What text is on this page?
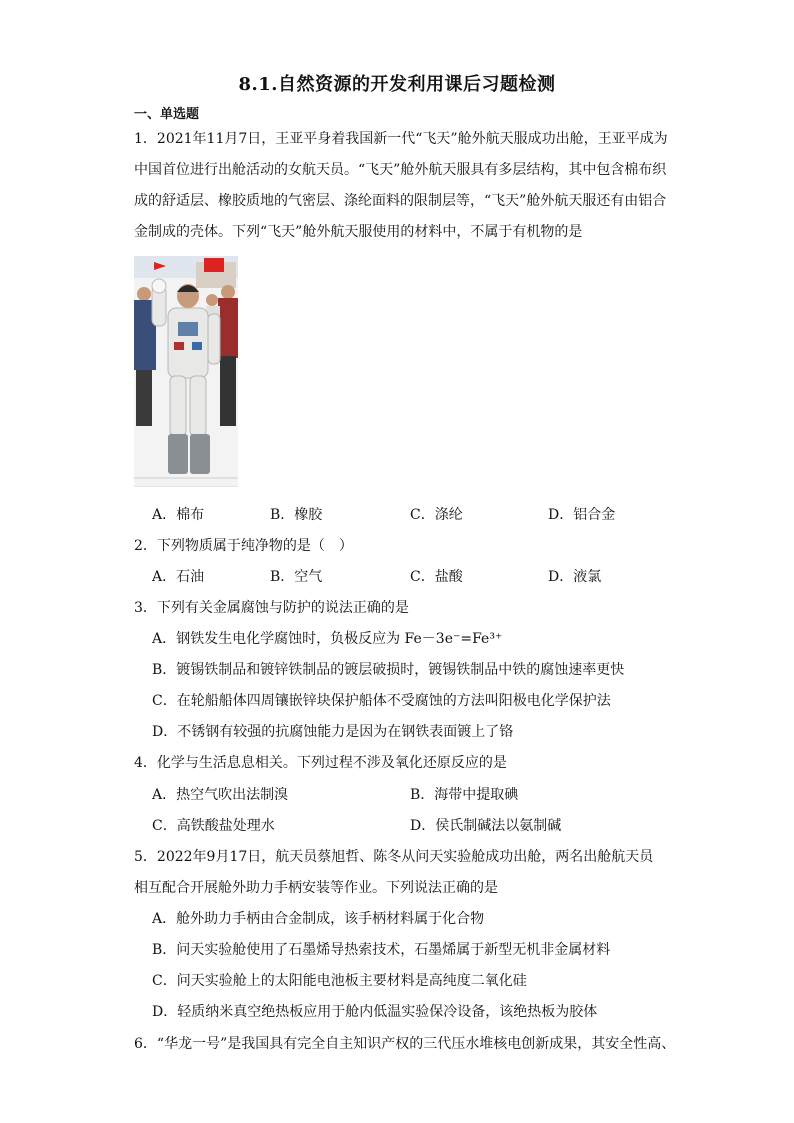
8.1.自然资源的开发利用课后习题检测
一、单选题
1．2021年11月7日，王亚平身着我国新一代“飞天”舱外航天服成功出舱，王亚平成为
中国首位进行出舱活动的女航天员。“飞天”舱外航天服具有多层结构，其中包含棉布织
成的舒适层、橡胶质地的气密层、涤纶面料的限制层等，“飞天”舱外航天服还有由铝合
金制成的壳体。下列“飞天”舱外航天服使用的材料中，不属于有机物的是
A．棉布	B．橡胶	C．涤纶	D．铝合金
2．下列物质属于纯净物的是（　）
A．石油	B．空气	C．盐酸	D．液氯
3．下列有关金属腐蚀与防护的说法正确的是
A．钢铁发生电化学腐蚀时，负极反应为 Fe－3e⁻=Fe³⁺
B．镀锡铁制品和镀锌铁制品的镀层破损时，镀锡铁制品中铁的腐蚀速率更快
C．在轮船船体四周镶嵌锌块保护船体不受腐蚀的方法叫阳极电化学保护法
D．不锈钢有较强的抗腐蚀能力是因为在钢铁表面镀上了铬
4．化学与生活息息相关。下列过程不涉及氧化还原反应的是
A．热空气吹出法制溴	B．海带中提取碘
C．高铁酸盐处理水	D．侯氏制碱法以氨制碱
5．2022年9月17日，航天员蔡旭哲、陈冬从问天实验舱成功出舱，两名出舱航天员
相互配合开展舱外助力手柄安装等作业。下列说法正确的是
A．舱外助力手柄由合金制成，该手柄材料属于化合物
B．问天实验舱使用了石墨烯导热索技术，石墨烯属于新型无机非金属材料
C．问天实验舱上的太阳能电池板主要材料是高纯度二氧化硅
D．轻质纳米真空绝热板应用于舱内低温实验保冷设备，该绝热板为胶体
6．“华龙一号”是我国具有完全自主知识产权的三代压水堆核电创新成果，其安全性高、
